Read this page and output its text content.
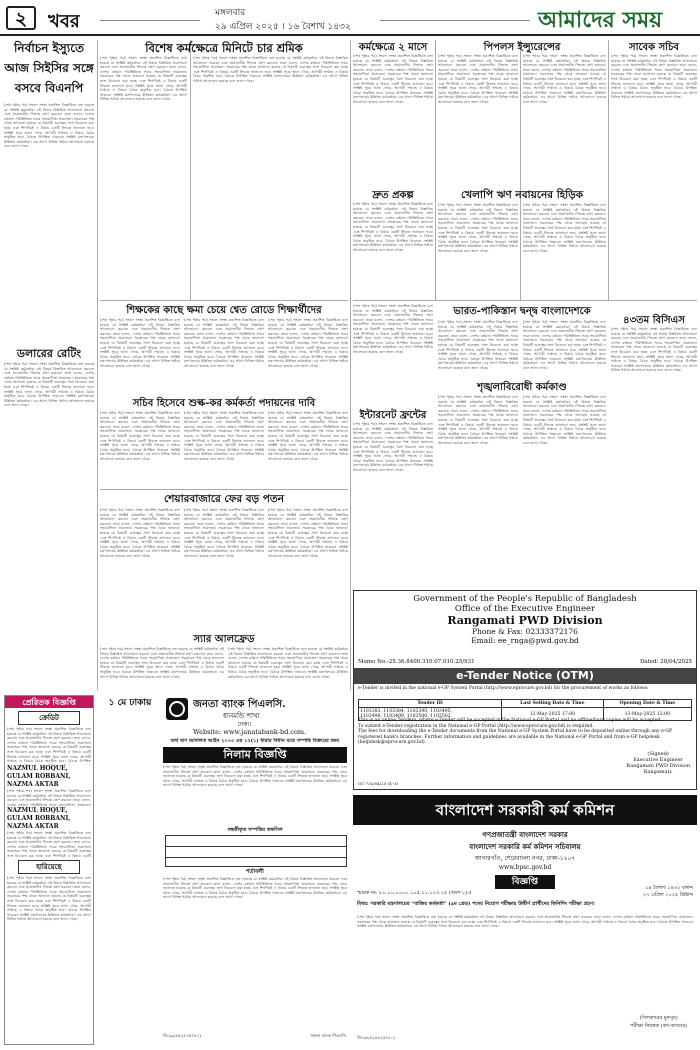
২	খবর	মঙ্গলবার
২৯ এপ্রিল ২০২৫ । ১৬ বৈশাখ ১৪৩২	আমাদের সময়
নির্বাচন ইস্যুতে
আজ সিইসির সঙ্গে
বসবে বিএনপি
(শেষ পৃষ্ঠার পর) সংবাদ সংস্থা প্রকাশিত বিজ্ঞপ্তিতে বলা হয়েছে যে সংশ্লিষ্ট কর্মকর্তারা এই বিষয়ে বিস্তারিত আলোচনা করবেন এবং প্রয়োজনীয় সিদ্ধান্ত গ্রহণ করবেন। তারা বলেন, দেশের বর্তমান পরিস্থিতিতে সবার সহযোগিতা প্রয়োজন। সরকারের পক্ষ থেকে জানানো হয়েছে যে বিষয়টি গুরুত্বের সঙ্গে বিবেচনা করা হচ্ছে এবং শিগগিরই এ বিষয়ে একটি সিদ্ধান্ত জানানো হবে। সংশ্লিষ্ট সূত্রে জানা গেছে, আগামী সপ্তাহে এ বিষয়ে বৈঠক অনুষ্ঠিত হবে। বৈঠকে উপস্থিত থাকবেন সংশ্লিষ্ট মন্ত্রণালয়ের ঊর্ধ্বতন কর্মকর্তারা। এর আগে বিভিন্ন পর্যায়ে আলোচনা হয়েছে বলে জানা গেছে।
ডলারের রেটিং
(শেষ পৃষ্ঠার পর) সংবাদ সংস্থা প্রকাশিত বিজ্ঞপ্তিতে বলা হয়েছে যে সংশ্লিষ্ট কর্মকর্তারা এই বিষয়ে বিস্তারিত আলোচনা করবেন এবং প্রয়োজনীয় সিদ্ধান্ত গ্রহণ করবেন। তারা বলেন, দেশের বর্তমান পরিস্থিতিতে সবার সহযোগিতা প্রয়োজন। সরকারের পক্ষ থেকে জানানো হয়েছে যে বিষয়টি গুরুত্বের সঙ্গে বিবেচনা করা হচ্ছে এবং শিগগিরই এ বিষয়ে একটি সিদ্ধান্ত জানানো হবে। সংশ্লিষ্ট সূত্রে জানা গেছে, আগামী সপ্তাহে এ বিষয়ে বৈঠক অনুষ্ঠিত হবে। বৈঠকে উপস্থিত থাকবেন সংশ্লিষ্ট মন্ত্রণালয়ের ঊর্ধ্বতন কর্মকর্তারা। এর আগে বিভিন্ন পর্যায়ে আলোচনা হয়েছে বলে জানা গেছে।
বিশেষ কর্মক্ষেত্রে মিনিটে চার শ্রমিক
(শেষ পৃষ্ঠার পর) সংবাদ সংস্থা প্রকাশিত বিজ্ঞপ্তিতে বলা হয়েছে যে সংশ্লিষ্ট কর্মকর্তারা এই বিষয়ে বিস্তারিত আলোচনা করবেন এবং প্রয়োজনীয় সিদ্ধান্ত গ্রহণ করবেন। তারা বলেন, দেশের বর্তমান পরিস্থিতিতে সবার সহযোগিতা প্রয়োজন। সরকারের পক্ষ থেকে জানানো হয়েছে যে বিষয়টি গুরুত্বের সঙ্গে বিবেচনা করা হচ্ছে এবং শিগগিরই এ বিষয়ে একটি সিদ্ধান্ত জানানো হবে। সংশ্লিষ্ট সূত্রে জানা গেছে, আগামী সপ্তাহে এ বিষয়ে বৈঠক অনুষ্ঠিত হবে। বৈঠকে উপস্থিত থাকবেন সংশ্লিষ্ট মন্ত্রণালয়ের ঊর্ধ্বতন কর্মকর্তারা। এর আগে বিভিন্ন পর্যায়ে আলোচনা হয়েছে বলে জানা গেছে।
(শেষ পৃষ্ঠার পর) সংবাদ সংস্থা প্রকাশিত বিজ্ঞপ্তিতে বলা হয়েছে যে সংশ্লিষ্ট কর্মকর্তারা এই বিষয়ে বিস্তারিত আলোচনা করবেন এবং প্রয়োজনীয় সিদ্ধান্ত গ্রহণ করবেন। তারা বলেন, দেশের বর্তমান পরিস্থিতিতে সবার সহযোগিতা প্রয়োজন। সরকারের পক্ষ থেকে জানানো হয়েছে যে বিষয়টি গুরুত্বের সঙ্গে বিবেচনা করা হচ্ছে এবং শিগগিরই এ বিষয়ে একটি সিদ্ধান্ত জানানো হবে। সংশ্লিষ্ট সূত্রে জানা গেছে, আগামী সপ্তাহে এ বিষয়ে বৈঠক অনুষ্ঠিত হবে। বৈঠকে উপস্থিত থাকবেন সংশ্লিষ্ট মন্ত্রণালয়ের ঊর্ধ্বতন কর্মকর্তারা। এর আগে বিভিন্ন পর্যায়ে আলোচনা হয়েছে বলে জানা গেছে।
কর্মক্ষেত্রে ২ মাসে
(শেষ পৃষ্ঠার পর) সংবাদ সংস্থা প্রকাশিত বিজ্ঞপ্তিতে বলা হয়েছে যে সংশ্লিষ্ট কর্মকর্তারা এই বিষয়ে বিস্তারিত আলোচনা করবেন এবং প্রয়োজনীয় সিদ্ধান্ত গ্রহণ করবেন। তারা বলেন, দেশের বর্তমান পরিস্থিতিতে সবার সহযোগিতা প্রয়োজন। সরকারের পক্ষ থেকে জানানো হয়েছে যে বিষয়টি গুরুত্বের সঙ্গে বিবেচনা করা হচ্ছে এবং শিগগিরই এ বিষয়ে একটি সিদ্ধান্ত জানানো হবে। সংশ্লিষ্ট সূত্রে জানা গেছে, আগামী সপ্তাহে এ বিষয়ে বৈঠক অনুষ্ঠিত হবে। বৈঠকে উপস্থিত থাকবেন সংশ্লিষ্ট মন্ত্রণালয়ের ঊর্ধ্বতন কর্মকর্তারা। এর আগে বিভিন্ন পর্যায়ে আলোচনা হয়েছে বলে জানা গেছে।
পিপলস ইন্স্যুরেন্সের
(শেষ পৃষ্ঠার পর) সংবাদ সংস্থা প্রকাশিত বিজ্ঞপ্তিতে বলা হয়েছে যে সংশ্লিষ্ট কর্মকর্তারা এই বিষয়ে বিস্তারিত আলোচনা করবেন এবং প্রয়োজনীয় সিদ্ধান্ত গ্রহণ করবেন। তারা বলেন, দেশের বর্তমান পরিস্থিতিতে সবার সহযোগিতা প্রয়োজন। সরকারের পক্ষ থেকে জানানো হয়েছে যে বিষয়টি গুরুত্বের সঙ্গে বিবেচনা করা হচ্ছে এবং শিগগিরই এ বিষয়ে একটি সিদ্ধান্ত জানানো হবে। সংশ্লিষ্ট সূত্রে জানা গেছে, আগামী সপ্তাহে এ বিষয়ে বৈঠক অনুষ্ঠিত হবে। বৈঠকে উপস্থিত থাকবেন সংশ্লিষ্ট মন্ত্রণালয়ের ঊর্ধ্বতন কর্মকর্তারা। এর আগে বিভিন্ন পর্যায়ে আলোচনা হয়েছে বলে জানা গেছে।
(শেষ পৃষ্ঠার পর) সংবাদ সংস্থা প্রকাশিত বিজ্ঞপ্তিতে বলা হয়েছে যে সংশ্লিষ্ট কর্মকর্তারা এই বিষয়ে বিস্তারিত আলোচনা করবেন এবং প্রয়োজনীয় সিদ্ধান্ত গ্রহণ করবেন। তারা বলেন, দেশের বর্তমান পরিস্থিতিতে সবার সহযোগিতা প্রয়োজন। সরকারের পক্ষ থেকে জানানো হয়েছে যে বিষয়টি গুরুত্বের সঙ্গে বিবেচনা করা হচ্ছে এবং শিগগিরই এ বিষয়ে একটি সিদ্ধান্ত জানানো হবে। সংশ্লিষ্ট সূত্রে জানা গেছে, আগামী সপ্তাহে এ বিষয়ে বৈঠক অনুষ্ঠিত হবে। বৈঠকে উপস্থিত থাকবেন সংশ্লিষ্ট মন্ত্রণালয়ের ঊর্ধ্বতন কর্মকর্তারা। এর আগে বিভিন্ন পর্যায়ে আলোচনা হয়েছে বলে জানা গেছে।
সাবেক সচিব
(শেষ পৃষ্ঠার পর) সংবাদ সংস্থা প্রকাশিত বিজ্ঞপ্তিতে বলা হয়েছে যে সংশ্লিষ্ট কর্মকর্তারা এই বিষয়ে বিস্তারিত আলোচনা করবেন এবং প্রয়োজনীয় সিদ্ধান্ত গ্রহণ করবেন। তারা বলেন, দেশের বর্তমান পরিস্থিতিতে সবার সহযোগিতা প্রয়োজন। সরকারের পক্ষ থেকে জানানো হয়েছে যে বিষয়টি গুরুত্বের সঙ্গে বিবেচনা করা হচ্ছে এবং শিগগিরই এ বিষয়ে একটি সিদ্ধান্ত জানানো হবে। সংশ্লিষ্ট সূত্রে জানা গেছে, আগামী সপ্তাহে এ বিষয়ে বৈঠক অনুষ্ঠিত হবে। বৈঠকে উপস্থিত থাকবেন সংশ্লিষ্ট মন্ত্রণালয়ের ঊর্ধ্বতন কর্মকর্তারা। এর আগে বিভিন্ন পর্যায়ে আলোচনা হয়েছে বলে জানা গেছে।
খেলাপি ঋণ নবায়নের হিড়িক
(শেষ পৃষ্ঠার পর) সংবাদ সংস্থা প্রকাশিত বিজ্ঞপ্তিতে বলা হয়েছে যে সংশ্লিষ্ট কর্মকর্তারা এই বিষয়ে বিস্তারিত আলোচনা করবেন এবং প্রয়োজনীয় সিদ্ধান্ত গ্রহণ করবেন। তারা বলেন, দেশের বর্তমান পরিস্থিতিতে সবার সহযোগিতা প্রয়োজন। সরকারের পক্ষ থেকে জানানো হয়েছে যে বিষয়টি গুরুত্বের সঙ্গে বিবেচনা করা হচ্ছে এবং শিগগিরই এ বিষয়ে একটি সিদ্ধান্ত জানানো হবে। সংশ্লিষ্ট সূত্রে জানা গেছে, আগামী সপ্তাহে এ বিষয়ে বৈঠক অনুষ্ঠিত হবে। বৈঠকে উপস্থিত থাকবেন সংশ্লিষ্ট মন্ত্রণালয়ের ঊর্ধ্বতন কর্মকর্তারা। এর আগে বিভিন্ন পর্যায়ে আলোচনা হয়েছে বলে জানা গেছে।
(শেষ পৃষ্ঠার পর) সংবাদ সংস্থা প্রকাশিত বিজ্ঞপ্তিতে বলা হয়েছে যে সংশ্লিষ্ট কর্মকর্তারা এই বিষয়ে বিস্তারিত আলোচনা করবেন এবং প্রয়োজনীয় সিদ্ধান্ত গ্রহণ করবেন। তারা বলেন, দেশের বর্তমান পরিস্থিতিতে সবার সহযোগিতা প্রয়োজন। সরকারের পক্ষ থেকে জানানো হয়েছে যে বিষয়টি গুরুত্বের সঙ্গে বিবেচনা করা হচ্ছে এবং শিগগিরই এ বিষয়ে একটি সিদ্ধান্ত জানানো হবে। সংশ্লিষ্ট সূত্রে জানা গেছে, আগামী সপ্তাহে এ বিষয়ে বৈঠক অনুষ্ঠিত হবে। বৈঠকে উপস্থিত থাকবেন সংশ্লিষ্ট মন্ত্রণালয়ের ঊর্ধ্বতন কর্মকর্তারা। এর আগে বিভিন্ন পর্যায়ে আলোচনা হয়েছে বলে জানা গেছে।
দ্রুত প্রকল্প
(শেষ পৃষ্ঠার পর) সংবাদ সংস্থা প্রকাশিত বিজ্ঞপ্তিতে বলা হয়েছে যে সংশ্লিষ্ট কর্মকর্তারা এই বিষয়ে বিস্তারিত আলোচনা করবেন এবং প্রয়োজনীয় সিদ্ধান্ত গ্রহণ করবেন। তারা বলেন, দেশের বর্তমান পরিস্থিতিতে সবার সহযোগিতা প্রয়োজন। সরকারের পক্ষ থেকে জানানো হয়েছে যে বিষয়টি গুরুত্বের সঙ্গে বিবেচনা করা হচ্ছে এবং শিগগিরই এ বিষয়ে একটি সিদ্ধান্ত জানানো হবে। সংশ্লিষ্ট সূত্রে জানা গেছে, আগামী সপ্তাহে এ বিষয়ে বৈঠক অনুষ্ঠিত হবে। বৈঠকে উপস্থিত থাকবেন সংশ্লিষ্ট মন্ত্রণালয়ের ঊর্ধ্বতন কর্মকর্তারা। এর আগে বিভিন্ন পর্যায়ে আলোচনা হয়েছে বলে জানা গেছে।
শিক্ষকের কাছে ক্ষমা চেয়ে শ্বেত রোডে শিক্ষার্থীদের
(শেষ পৃষ্ঠার পর) সংবাদ সংস্থা প্রকাশিত বিজ্ঞপ্তিতে বলা হয়েছে যে সংশ্লিষ্ট কর্মকর্তারা এই বিষয়ে বিস্তারিত আলোচনা করবেন এবং প্রয়োজনীয় সিদ্ধান্ত গ্রহণ করবেন। তারা বলেন, দেশের বর্তমান পরিস্থিতিতে সবার সহযোগিতা প্রয়োজন। সরকারের পক্ষ থেকে জানানো হয়েছে যে বিষয়টি গুরুত্বের সঙ্গে বিবেচনা করা হচ্ছে এবং শিগগিরই এ বিষয়ে একটি সিদ্ধান্ত জানানো হবে। সংশ্লিষ্ট সূত্রে জানা গেছে, আগামী সপ্তাহে এ বিষয়ে বৈঠক অনুষ্ঠিত হবে। বৈঠকে উপস্থিত থাকবেন সংশ্লিষ্ট মন্ত্রণালয়ের ঊর্ধ্বতন কর্মকর্তারা। এর আগে বিভিন্ন পর্যায়ে আলোচনা হয়েছে বলে জানা গেছে।
(শেষ পৃষ্ঠার পর) সংবাদ সংস্থা প্রকাশিত বিজ্ঞপ্তিতে বলা হয়েছে যে সংশ্লিষ্ট কর্মকর্তারা এই বিষয়ে বিস্তারিত আলোচনা করবেন এবং প্রয়োজনীয় সিদ্ধান্ত গ্রহণ করবেন। তারা বলেন, দেশের বর্তমান পরিস্থিতিতে সবার সহযোগিতা প্রয়োজন। সরকারের পক্ষ থেকে জানানো হয়েছে যে বিষয়টি গুরুত্বের সঙ্গে বিবেচনা করা হচ্ছে এবং শিগগিরই এ বিষয়ে একটি সিদ্ধান্ত জানানো হবে। সংশ্লিষ্ট সূত্রে জানা গেছে, আগামী সপ্তাহে এ বিষয়ে বৈঠক অনুষ্ঠিত হবে। বৈঠকে উপস্থিত থাকবেন সংশ্লিষ্ট মন্ত্রণালয়ের ঊর্ধ্বতন কর্মকর্তারা। এর আগে বিভিন্ন পর্যায়ে আলোচনা হয়েছে বলে জানা গেছে।
(শেষ পৃষ্ঠার পর) সংবাদ সংস্থা প্রকাশিত বিজ্ঞপ্তিতে বলা হয়েছে যে সংশ্লিষ্ট কর্মকর্তারা এই বিষয়ে বিস্তারিত আলোচনা করবেন এবং প্রয়োজনীয় সিদ্ধান্ত গ্রহণ করবেন। তারা বলেন, দেশের বর্তমান পরিস্থিতিতে সবার সহযোগিতা প্রয়োজন। সরকারের পক্ষ থেকে জানানো হয়েছে যে বিষয়টি গুরুত্বের সঙ্গে বিবেচনা করা হচ্ছে এবং শিগগিরই এ বিষয়ে একটি সিদ্ধান্ত জানানো হবে। সংশ্লিষ্ট সূত্রে জানা গেছে, আগামী সপ্তাহে এ বিষয়ে বৈঠক অনুষ্ঠিত হবে। বৈঠকে উপস্থিত থাকবেন সংশ্লিষ্ট মন্ত্রণালয়ের ঊর্ধ্বতন কর্মকর্তারা। এর আগে বিভিন্ন পর্যায়ে আলোচনা হয়েছে বলে জানা গেছে।
সচিব হিসেবে শুল্ক-কর কর্মকর্তা পদায়নের দাবি
(শেষ পৃষ্ঠার পর) সংবাদ সংস্থা প্রকাশিত বিজ্ঞপ্তিতে বলা হয়েছে যে সংশ্লিষ্ট কর্মকর্তারা এই বিষয়ে বিস্তারিত আলোচনা করবেন এবং প্রয়োজনীয় সিদ্ধান্ত গ্রহণ করবেন। তারা বলেন, দেশের বর্তমান পরিস্থিতিতে সবার সহযোগিতা প্রয়োজন। সরকারের পক্ষ থেকে জানানো হয়েছে যে বিষয়টি গুরুত্বের সঙ্গে বিবেচনা করা হচ্ছে এবং শিগগিরই এ বিষয়ে একটি সিদ্ধান্ত জানানো হবে। সংশ্লিষ্ট সূত্রে জানা গেছে, আগামী সপ্তাহে এ বিষয়ে বৈঠক অনুষ্ঠিত হবে। বৈঠকে উপস্থিত থাকবেন সংশ্লিষ্ট মন্ত্রণালয়ের ঊর্ধ্বতন কর্মকর্তারা। এর আগে বিভিন্ন পর্যায়ে আলোচনা হয়েছে বলে জানা গেছে।
(শেষ পৃষ্ঠার পর) সংবাদ সংস্থা প্রকাশিত বিজ্ঞপ্তিতে বলা হয়েছে যে সংশ্লিষ্ট কর্মকর্তারা এই বিষয়ে বিস্তারিত আলোচনা করবেন এবং প্রয়োজনীয় সিদ্ধান্ত গ্রহণ করবেন। তারা বলেন, দেশের বর্তমান পরিস্থিতিতে সবার সহযোগিতা প্রয়োজন। সরকারের পক্ষ থেকে জানানো হয়েছে যে বিষয়টি গুরুত্বের সঙ্গে বিবেচনা করা হচ্ছে এবং শিগগিরই এ বিষয়ে একটি সিদ্ধান্ত জানানো হবে। সংশ্লিষ্ট সূত্রে জানা গেছে, আগামী সপ্তাহে এ বিষয়ে বৈঠক অনুষ্ঠিত হবে। বৈঠকে উপস্থিত থাকবেন সংশ্লিষ্ট মন্ত্রণালয়ের ঊর্ধ্বতন কর্মকর্তারা। এর আগে বিভিন্ন পর্যায়ে আলোচনা হয়েছে বলে জানা গেছে।
(শেষ পৃষ্ঠার পর) সংবাদ সংস্থা প্রকাশিত বিজ্ঞপ্তিতে বলা হয়েছে যে সংশ্লিষ্ট কর্মকর্তারা এই বিষয়ে বিস্তারিত আলোচনা করবেন এবং প্রয়োজনীয় সিদ্ধান্ত গ্রহণ করবেন। তারা বলেন, দেশের বর্তমান পরিস্থিতিতে সবার সহযোগিতা প্রয়োজন। সরকারের পক্ষ থেকে জানানো হয়েছে যে বিষয়টি গুরুত্বের সঙ্গে বিবেচনা করা হচ্ছে এবং শিগগিরই এ বিষয়ে একটি সিদ্ধান্ত জানানো হবে। সংশ্লিষ্ট সূত্রে জানা গেছে, আগামী সপ্তাহে এ বিষয়ে বৈঠক অনুষ্ঠিত হবে। বৈঠকে উপস্থিত থাকবেন সংশ্লিষ্ট মন্ত্রণালয়ের ঊর্ধ্বতন কর্মকর্তারা। এর আগে বিভিন্ন পর্যায়ে আলোচনা হয়েছে বলে জানা গেছে।
ভারত-পাকিস্তান দ্বন্দ্ব বাংলাদেশকে
(শেষ পৃষ্ঠার পর) সংবাদ সংস্থা প্রকাশিত বিজ্ঞপ্তিতে বলা হয়েছে যে সংশ্লিষ্ট কর্মকর্তারা এই বিষয়ে বিস্তারিত আলোচনা করবেন এবং প্রয়োজনীয় সিদ্ধান্ত গ্রহণ করবেন। তারা বলেন, দেশের বর্তমান পরিস্থিতিতে সবার সহযোগিতা প্রয়োজন। সরকারের পক্ষ থেকে জানানো হয়েছে যে বিষয়টি গুরুত্বের সঙ্গে বিবেচনা করা হচ্ছে এবং শিগগিরই এ বিষয়ে একটি সিদ্ধান্ত জানানো হবে। সংশ্লিষ্ট সূত্রে জানা গেছে, আগামী সপ্তাহে এ বিষয়ে বৈঠক অনুষ্ঠিত হবে। বৈঠকে উপস্থিত থাকবেন সংশ্লিষ্ট মন্ত্রণালয়ের ঊর্ধ্বতন কর্মকর্তারা। এর আগে বিভিন্ন পর্যায়ে আলোচনা হয়েছে বলে জানা গেছে।
(শেষ পৃষ্ঠার পর) সংবাদ সংস্থা প্রকাশিত বিজ্ঞপ্তিতে বলা হয়েছে যে সংশ্লিষ্ট কর্মকর্তারা এই বিষয়ে বিস্তারিত আলোচনা করবেন এবং প্রয়োজনীয় সিদ্ধান্ত গ্রহণ করবেন। তারা বলেন, দেশের বর্তমান পরিস্থিতিতে সবার সহযোগিতা প্রয়োজন। সরকারের পক্ষ থেকে জানানো হয়েছে যে বিষয়টি গুরুত্বের সঙ্গে বিবেচনা করা হচ্ছে এবং শিগগিরই এ বিষয়ে একটি সিদ্ধান্ত জানানো হবে। সংশ্লিষ্ট সূত্রে জানা গেছে, আগামী সপ্তাহে এ বিষয়ে বৈঠক অনুষ্ঠিত হবে। বৈঠকে উপস্থিত থাকবেন সংশ্লিষ্ট মন্ত্রণালয়ের ঊর্ধ্বতন কর্মকর্তারা। এর আগে বিভিন্ন পর্যায়ে আলোচনা হয়েছে বলে জানা গেছে।
(শেষ পৃষ্ঠার পর) সংবাদ সংস্থা প্রকাশিত বিজ্ঞপ্তিতে বলা হয়েছে যে সংশ্লিষ্ট কর্মকর্তারা এই বিষয়ে বিস্তারিত আলোচনা করবেন এবং প্রয়োজনীয় সিদ্ধান্ত গ্রহণ করবেন। তারা বলেন, দেশের বর্তমান পরিস্থিতিতে সবার সহযোগিতা প্রয়োজন। সরকারের পক্ষ থেকে জানানো হয়েছে যে বিষয়টি গুরুত্বের সঙ্গে বিবেচনা করা হচ্ছে এবং শিগগিরই এ বিষয়ে একটি সিদ্ধান্ত জানানো হবে। সংশ্লিষ্ট সূত্রে জানা গেছে, আগামী সপ্তাহে এ বিষয়ে বৈঠক অনুষ্ঠিত হবে। বৈঠকে উপস্থিত থাকবেন সংশ্লিষ্ট মন্ত্রণালয়ের ঊর্ধ্বতন কর্মকর্তারা। এর আগে বিভিন্ন পর্যায়ে আলোচনা হয়েছে বলে জানা গেছে।
শৃঙ্খলাবিরোধী কর্মকাণ্ড
(শেষ পৃষ্ঠার পর) সংবাদ সংস্থা প্রকাশিত বিজ্ঞপ্তিতে বলা হয়েছে যে সংশ্লিষ্ট কর্মকর্তারা এই বিষয়ে বিস্তারিত আলোচনা করবেন এবং প্রয়োজনীয় সিদ্ধান্ত গ্রহণ করবেন। তারা বলেন, দেশের বর্তমান পরিস্থিতিতে সবার সহযোগিতা প্রয়োজন। সরকারের পক্ষ থেকে জানানো হয়েছে যে বিষয়টি গুরুত্বের সঙ্গে বিবেচনা করা হচ্ছে এবং শিগগিরই এ বিষয়ে একটি সিদ্ধান্ত জানানো হবে। সংশ্লিষ্ট সূত্রে জানা গেছে, আগামী সপ্তাহে এ বিষয়ে বৈঠক অনুষ্ঠিত হবে। বৈঠকে উপস্থিত থাকবেন সংশ্লিষ্ট মন্ত্রণালয়ের ঊর্ধ্বতন কর্মকর্তারা। এর আগে বিভিন্ন পর্যায়ে আলোচনা হয়েছে বলে জানা গেছে।
(শেষ পৃষ্ঠার পর) সংবাদ সংস্থা প্রকাশিত বিজ্ঞপ্তিতে বলা হয়েছে যে সংশ্লিষ্ট কর্মকর্তারা এই বিষয়ে বিস্তারিত আলোচনা করবেন এবং প্রয়োজনীয় সিদ্ধান্ত গ্রহণ করবেন। তারা বলেন, দেশের বর্তমান পরিস্থিতিতে সবার সহযোগিতা প্রয়োজন। সরকারের পক্ষ থেকে জানানো হয়েছে যে বিষয়টি গুরুত্বের সঙ্গে বিবেচনা করা হচ্ছে এবং শিগগিরই এ বিষয়ে একটি সিদ্ধান্ত জানানো হবে। সংশ্লিষ্ট সূত্রে জানা গেছে, আগামী সপ্তাহে এ বিষয়ে বৈঠক অনুষ্ঠিত হবে। বৈঠকে উপস্থিত থাকবেন সংশ্লিষ্ট মন্ত্রণালয়ের ঊর্ধ্বতন কর্মকর্তারা। এর আগে বিভিন্ন পর্যায়ে আলোচনা হয়েছে বলে জানা গেছে।
৪৩তম বিসিএস
(শেষ পৃষ্ঠার পর) সংবাদ সংস্থা প্রকাশিত বিজ্ঞপ্তিতে বলা হয়েছে যে সংশ্লিষ্ট কর্মকর্তারা এই বিষয়ে বিস্তারিত আলোচনা করবেন এবং প্রয়োজনীয় সিদ্ধান্ত গ্রহণ করবেন। তারা বলেন, দেশের বর্তমান পরিস্থিতিতে সবার সহযোগিতা প্রয়োজন। সরকারের পক্ষ থেকে জানানো হয়েছে যে বিষয়টি গুরুত্বের সঙ্গে বিবেচনা করা হচ্ছে এবং শিগগিরই এ বিষয়ে একটি সিদ্ধান্ত জানানো হবে। সংশ্লিষ্ট সূত্রে জানা গেছে, আগামী সপ্তাহে এ বিষয়ে বৈঠক অনুষ্ঠিত হবে। বৈঠকে উপস্থিত থাকবেন সংশ্লিষ্ট মন্ত্রণালয়ের ঊর্ধ্বতন কর্মকর্তারা। এর আগে বিভিন্ন পর্যায়ে আলোচনা হয়েছে বলে জানা গেছে।
ইন্টারনেট ফ্রন্টের
(শেষ পৃষ্ঠার পর) সংবাদ সংস্থা প্রকাশিত বিজ্ঞপ্তিতে বলা হয়েছে যে সংশ্লিষ্ট কর্মকর্তারা এই বিষয়ে বিস্তারিত আলোচনা করবেন এবং প্রয়োজনীয় সিদ্ধান্ত গ্রহণ করবেন। তারা বলেন, দেশের বর্তমান পরিস্থিতিতে সবার সহযোগিতা প্রয়োজন। সরকারের পক্ষ থেকে জানানো হয়েছে যে বিষয়টি গুরুত্বের সঙ্গে বিবেচনা করা হচ্ছে এবং শিগগিরই এ বিষয়ে একটি সিদ্ধান্ত জানানো হবে। সংশ্লিষ্ট সূত্রে জানা গেছে, আগামী সপ্তাহে এ বিষয়ে বৈঠক অনুষ্ঠিত হবে। বৈঠকে উপস্থিত থাকবেন সংশ্লিষ্ট মন্ত্রণালয়ের ঊর্ধ্বতন কর্মকর্তারা। এর আগে বিভিন্ন পর্যায়ে আলোচনা হয়েছে বলে জানা গেছে।
শেয়ারবাজারে ফের বড় পতন
(শেষ পৃষ্ঠার পর) সংবাদ সংস্থা প্রকাশিত বিজ্ঞপ্তিতে বলা হয়েছে যে সংশ্লিষ্ট কর্মকর্তারা এই বিষয়ে বিস্তারিত আলোচনা করবেন এবং প্রয়োজনীয় সিদ্ধান্ত গ্রহণ করবেন। তারা বলেন, দেশের বর্তমান পরিস্থিতিতে সবার সহযোগিতা প্রয়োজন। সরকারের পক্ষ থেকে জানানো হয়েছে যে বিষয়টি গুরুত্বের সঙ্গে বিবেচনা করা হচ্ছে এবং শিগগিরই এ বিষয়ে একটি সিদ্ধান্ত জানানো হবে। সংশ্লিষ্ট সূত্রে জানা গেছে, আগামী সপ্তাহে এ বিষয়ে বৈঠক অনুষ্ঠিত হবে। বৈঠকে উপস্থিত থাকবেন সংশ্লিষ্ট মন্ত্রণালয়ের ঊর্ধ্বতন কর্মকর্তারা। এর আগে বিভিন্ন পর্যায়ে আলোচনা হয়েছে বলে জানা গেছে।
(শেষ পৃষ্ঠার পর) সংবাদ সংস্থা প্রকাশিত বিজ্ঞপ্তিতে বলা হয়েছে যে সংশ্লিষ্ট কর্মকর্তারা এই বিষয়ে বিস্তারিত আলোচনা করবেন এবং প্রয়োজনীয় সিদ্ধান্ত গ্রহণ করবেন। তারা বলেন, দেশের বর্তমান পরিস্থিতিতে সবার সহযোগিতা প্রয়োজন। সরকারের পক্ষ থেকে জানানো হয়েছে যে বিষয়টি গুরুত্বের সঙ্গে বিবেচনা করা হচ্ছে এবং শিগগিরই এ বিষয়ে একটি সিদ্ধান্ত জানানো হবে। সংশ্লিষ্ট সূত্রে জানা গেছে, আগামী সপ্তাহে এ বিষয়ে বৈঠক অনুষ্ঠিত হবে। বৈঠকে উপস্থিত থাকবেন সংশ্লিষ্ট মন্ত্রণালয়ের ঊর্ধ্বতন কর্মকর্তারা। এর আগে বিভিন্ন পর্যায়ে আলোচনা হয়েছে বলে জানা গেছে।
(শেষ পৃষ্ঠার পর) সংবাদ সংস্থা প্রকাশিত বিজ্ঞপ্তিতে বলা হয়েছে যে সংশ্লিষ্ট কর্মকর্তারা এই বিষয়ে বিস্তারিত আলোচনা করবেন এবং প্রয়োজনীয় সিদ্ধান্ত গ্রহণ করবেন। তারা বলেন, দেশের বর্তমান পরিস্থিতিতে সবার সহযোগিতা প্রয়োজন। সরকারের পক্ষ থেকে জানানো হয়েছে যে বিষয়টি গুরুত্বের সঙ্গে বিবেচনা করা হচ্ছে এবং শিগগিরই এ বিষয়ে একটি সিদ্ধান্ত জানানো হবে। সংশ্লিষ্ট সূত্রে জানা গেছে, আগামী সপ্তাহে এ বিষয়ে বৈঠক অনুষ্ঠিত হবে। বৈঠকে উপস্থিত থাকবেন সংশ্লিষ্ট মন্ত্রণালয়ের ঊর্ধ্বতন কর্মকর্তারা। এর আগে বিভিন্ন পর্যায়ে আলোচনা হয়েছে বলে জানা গেছে।
স্যার আলফ্রেড
(শেষ পৃষ্ঠার পর) সংবাদ সংস্থা প্রকাশিত বিজ্ঞপ্তিতে বলা হয়েছে যে সংশ্লিষ্ট কর্মকর্তারা এই বিষয়ে বিস্তারিত আলোচনা করবেন এবং প্রয়োজনীয় সিদ্ধান্ত গ্রহণ করবেন। তারা বলেন, দেশের বর্তমান পরিস্থিতিতে সবার সহযোগিতা প্রয়োজন। সরকারের পক্ষ থেকে জানানো হয়েছে যে বিষয়টি গুরুত্বের সঙ্গে বিবেচনা করা হচ্ছে এবং শিগগিরই এ বিষয়ে একটি সিদ্ধান্ত জানানো হবে। সংশ্লিষ্ট সূত্রে জানা গেছে, আগামী সপ্তাহে এ বিষয়ে বৈঠক অনুষ্ঠিত হবে। বৈঠকে উপস্থিত থাকবেন সংশ্লিষ্ট মন্ত্রণালয়ের ঊর্ধ্বতন কর্মকর্তারা। এর আগে বিভিন্ন পর্যায়ে আলোচনা হয়েছে বলে জানা গেছে।
(শেষ পৃষ্ঠার পর) সংবাদ সংস্থা প্রকাশিত বিজ্ঞপ্তিতে বলা হয়েছে যে সংশ্লিষ্ট কর্মকর্তারা এই বিষয়ে বিস্তারিত আলোচনা করবেন এবং প্রয়োজনীয় সিদ্ধান্ত গ্রহণ করবেন। তারা বলেন, দেশের বর্তমান পরিস্থিতিতে সবার সহযোগিতা প্রয়োজন। সরকারের পক্ষ থেকে জানানো হয়েছে যে বিষয়টি গুরুত্বের সঙ্গে বিবেচনা করা হচ্ছে এবং শিগগিরই এ বিষয়ে একটি সিদ্ধান্ত জানানো হবে। সংশ্লিষ্ট সূত্রে জানা গেছে, আগামী সপ্তাহে এ বিষয়ে বৈঠক অনুষ্ঠিত হবে। বৈঠকে উপস্থিত থাকবেন সংশ্লিষ্ট মন্ত্রণালয়ের ঊর্ধ্বতন কর্মকর্তারা। এর আগে বিভিন্ন পর্যায়ে আলোচনা হয়েছে বলে জানা গেছে।
প্রেরিতক বিজ্ঞপ্তি
ক্রেডিট
(শেষ পৃষ্ঠার পর) সংবাদ সংস্থা প্রকাশিত বিজ্ঞপ্তিতে বলা হয়েছে যে সংশ্লিষ্ট কর্মকর্তারা এই বিষয়ে বিস্তারিত আলোচনা করবেন এবং প্রয়োজনীয় সিদ্ধান্ত গ্রহণ করবেন। তারা বলেন, দেশের বর্তমান পরিস্থিতিতে সবার সহযোগিতা প্রয়োজন। সরকারের পক্ষ থেকে জানানো হয়েছে যে বিষয়টি গুরুত্বের সঙ্গে বিবেচনা করা হচ্ছে এবং শিগগিরই এ বিষয়ে একটি সিদ্ধান্ত জানানো হবে। সংশ্লিষ্ট সূত্রে জানা গেছে, আগামী সপ্তাহে এ বিষয়ে বৈঠক অনুষ্ঠিত হবে। বৈঠকে উপস্থিত
NAZMUL HOQUE,
GULAM ROBBANI,
NAZMA AKTAR
(শেষ পৃষ্ঠার পর) সংবাদ সংস্থা প্রকাশিত বিজ্ঞপ্তিতে বলা হয়েছে যে সংশ্লিষ্ট কর্মকর্তারা এই বিষয়ে বিস্তারিত আলোচনা করবেন এবং প্রয়োজনীয় সিদ্ধান্ত গ্রহণ করবেন। তারা বলেন, দেশের বর্তমান পরিস্থিতিতে সবার সহযোগিতা প্রয়োজন।
NAZMUL HOQUE,
GULAM ROBBANI,
NAZMA AKTAR
(শেষ পৃষ্ঠার পর) সংবাদ সংস্থা প্রকাশিত বিজ্ঞপ্তিতে বলা হয়েছে যে সংশ্লিষ্ট কর্মকর্তারা এই বিষয়ে বিস্তারিত আলোচনা করবেন এবং প্রয়োজনীয় সিদ্ধান্ত গ্রহণ করবেন। তারা বলেন, দেশের বর্তমান পরিস্থিতিতে সবার সহযোগিতা প্রয়োজন। সরকারের পক্ষ থেকে জানানো হয়েছে যে বিষয়টি গুরুত্বের সঙ্গে বিবেচনা করা হচ্ছে এবং শিগগিরই এ বিষয়ে একটি
হারিয়েছে
(শেষ পৃষ্ঠার পর) সংবাদ সংস্থা প্রকাশিত বিজ্ঞপ্তিতে বলা হয়েছে যে সংশ্লিষ্ট কর্মকর্তারা এই বিষয়ে বিস্তারিত আলোচনা করবেন এবং প্রয়োজনীয় সিদ্ধান্ত গ্রহণ করবেন। তারা বলেন, দেশের বর্তমান পরিস্থিতিতে সবার সহযোগিতা প্রয়োজন। সরকারের পক্ষ থেকে জানানো হয়েছে যে বিষয়টি গুরুত্বের সঙ্গে বিবেচনা করা হচ্ছে এবং শিগগিরই এ বিষয়ে একটি সিদ্ধান্ত জানানো হবে। সংশ্লিষ্ট সূত্রে জানা গেছে, আগামী সপ্তাহে এ বিষয়ে বৈঠক অনুষ্ঠিত হবে। বৈঠকে উপস্থিত থাকবেন সংশ্লিষ্ট মন্ত্রণালয়ের ঊর্ধ্বতন কর্মকর্তারা। এর আগে বিভিন্ন পর্যায়ে আলোচনা হয়েছে বলে জানা গেছে।
১ মে ঢাকায়	জনতা ব্যাংক পিএলসি.
ধানমন্ডি শাখা
ঢাকা।
Website: www.janatabank-bd.com.
অর্থ ঋণ আদালত আইন ২০০৩ এর ১২(১) ধারার বিধান মতে সম্পত্তি বিক্রয়ের জন্য
নিলাম বিজ্ঞপ্তি
(শেষ পৃষ্ঠার পর) সংবাদ সংস্থা প্রকাশিত বিজ্ঞপ্তিতে বলা হয়েছে যে সংশ্লিষ্ট কর্মকর্তারা এই বিষয়ে বিস্তারিত আলোচনা করবেন এবং প্রয়োজনীয় সিদ্ধান্ত গ্রহণ করবেন। তারা বলেন, দেশের বর্তমান পরিস্থিতিতে সবার সহযোগিতা প্রয়োজন। সরকারের পক্ষ থেকে জানানো হয়েছে যে বিষয়টি গুরুত্বের সঙ্গে বিবেচনা করা হচ্ছে এবং শিগগিরই এ বিষয়ে একটি সিদ্ধান্ত জানানো হবে। সংশ্লিষ্ট সূত্রে জানা গেছে, আগামী সপ্তাহে এ বিষয়ে বৈঠক অনুষ্ঠিত হবে। বৈঠকে উপস্থিত থাকবেন সংশ্লিষ্ট মন্ত্রণালয়ের ঊর্ধ্বতন কর্মকর্তারা। এর আগে বিভিন্ন পর্যায়ে আলোচনা হয়েছে বলে জানা গেছে।
বন্ধকীকৃত সম্পত্তির তফসিল
শর্তাবলী
(শেষ পৃষ্ঠার পর) সংবাদ সংস্থা প্রকাশিত বিজ্ঞপ্তিতে বলা হয়েছে যে সংশ্লিষ্ট কর্মকর্তারা এই বিষয়ে বিস্তারিত আলোচনা করবেন এবং প্রয়োজনীয় সিদ্ধান্ত গ্রহণ করবেন। তারা বলেন, দেশের বর্তমান পরিস্থিতিতে সবার সহযোগিতা প্রয়োজন। সরকারের পক্ষ থেকে জানানো হয়েছে যে বিষয়টি গুরুত্বের সঙ্গে বিবেচনা করা হচ্ছে এবং শিগগিরই এ বিষয়ে একটি সিদ্ধান্ত জানানো হবে। সংশ্লিষ্ট সূত্রে জানা গেছে, আগামী সপ্তাহে এ বিষয়ে বৈঠক অনুষ্ঠিত হবে। বৈঠকে উপস্থিত থাকবেন সংশ্লিষ্ট মন্ত্রণালয়ের ঊর্ধ্বতন কর্মকর্তারা। এর আগে বিভিন্ন পর্যায়ে আলোচনা হয়েছে বলে জানা গেছে।
জি-৯৯/৪৫২৫ (৫৭৪০)	জনতা ব্যাংক পিএলসি.
Government of the People's Republic of Bangladesh
Office of the Executive Engineer
Rangamati PWD Division
Phone & Fax: 02333372176
Email: ee_rnga@pwd.gov.bd
Memo No.-25.36.8400.310.07.010.25/931	Dated: 28/04/2025
e-Tender Notice (OTM)
e-Tender is invited in the national e-GP System Portal (http://www.eprocure.gov.bd) for the procurement of works as follows:
Tender ID	Last Selling Date & Time	Opening Date & Time

1103383, 1103384, 1103390, 1103495,
1103498, 1103499, 1103500, 1103502	12-May-2025 17:00	13-May-2025 12:00
This is an online Tenders, where e-Tender will be accepted in the National e-GP Portal and no offline/hard copies will be accepted.
To submit e-Tender registration in the National e-GP Portal (http://www.eprocure.gov.bd) is required.
The fees for downloading the e-Tender documents from the National e-GP System Portal have to be deposited online through any e-GP registered bank's branches. Further information and guidelines are available in the National e-GP Portal and from e-GP helpdesk (helpdesk@eprocure.gov.bd).
(Signed)
Executive Engineer
Rangamati PWD Division
Rangamati.
GC-735/04/25 (4'-3)
বাংলাদেশ সরকারী কর্ম কমিশন
গণপ্রজাতন্ত্রী বাংলাদেশ সরকার
বাংলাদেশ সরকারি কর্ম কমিশন সচিবালয়
আগারগাঁও, শেরেবাংলা নগর, ঢাকা-১২০৭
www.bpsc.gov.bd
বিজ্ঞপ্তি
১৪ বৈশাখ ১৪৩২ বঙ্গাব্দ
২৭ এপ্রিল ২০২৫ খ্রিষ্টাব্দ
স্মারক নং: ৮০.০০.০০০০.১০৫.১১.০০৩.২৫ (অংশ-১)-৫
বিষয়: সরকারি মন্ত্রণালয়ের “বাজির কর্মকর্তা” (৯ম গ্রেড) পদের নিয়োগ পরীক্ষায় উত্তীর্ণ প্রার্থীদের ফিনিশিং পরীক্ষা গ্রহণ।
(শেষ পৃষ্ঠার পর) সংবাদ সংস্থা প্রকাশিত বিজ্ঞপ্তিতে বলা হয়েছে যে সংশ্লিষ্ট কর্মকর্তারা এই বিষয়ে বিস্তারিত আলোচনা করবেন এবং প্রয়োজনীয় সিদ্ধান্ত গ্রহণ করবেন। তারা বলেন, দেশের বর্তমান পরিস্থিতিতে সবার সহযোগিতা প্রয়োজন। সরকারের পক্ষ থেকে জানানো হয়েছে যে বিষয়টি গুরুত্বের সঙ্গে বিবেচনা করা হচ্ছে এবং শিগগিরই এ বিষয়ে একটি সিদ্ধান্ত জানানো হবে। সংশ্লিষ্ট সূত্রে জানা গেছে, আগামী সপ্তাহে এ বিষয়ে বৈঠক অনুষ্ঠিত হবে। বৈঠকে উপস্থিত থাকবেন সংশ্লিষ্ট মন্ত্রণালয়ের ঊর্ধ্বতন কর্মকর্তারা। এর আগে বিভিন্ন পর্যায়ে আলোচনা হয়েছে বলে জানা গেছে।
(সিলকারের মুনসুর)
পরীক্ষা নিয়ন্ত্রক (ক্যা-ক্যাডার)
জি-৯৮/৪২৪৩ (৫৭৪০)
